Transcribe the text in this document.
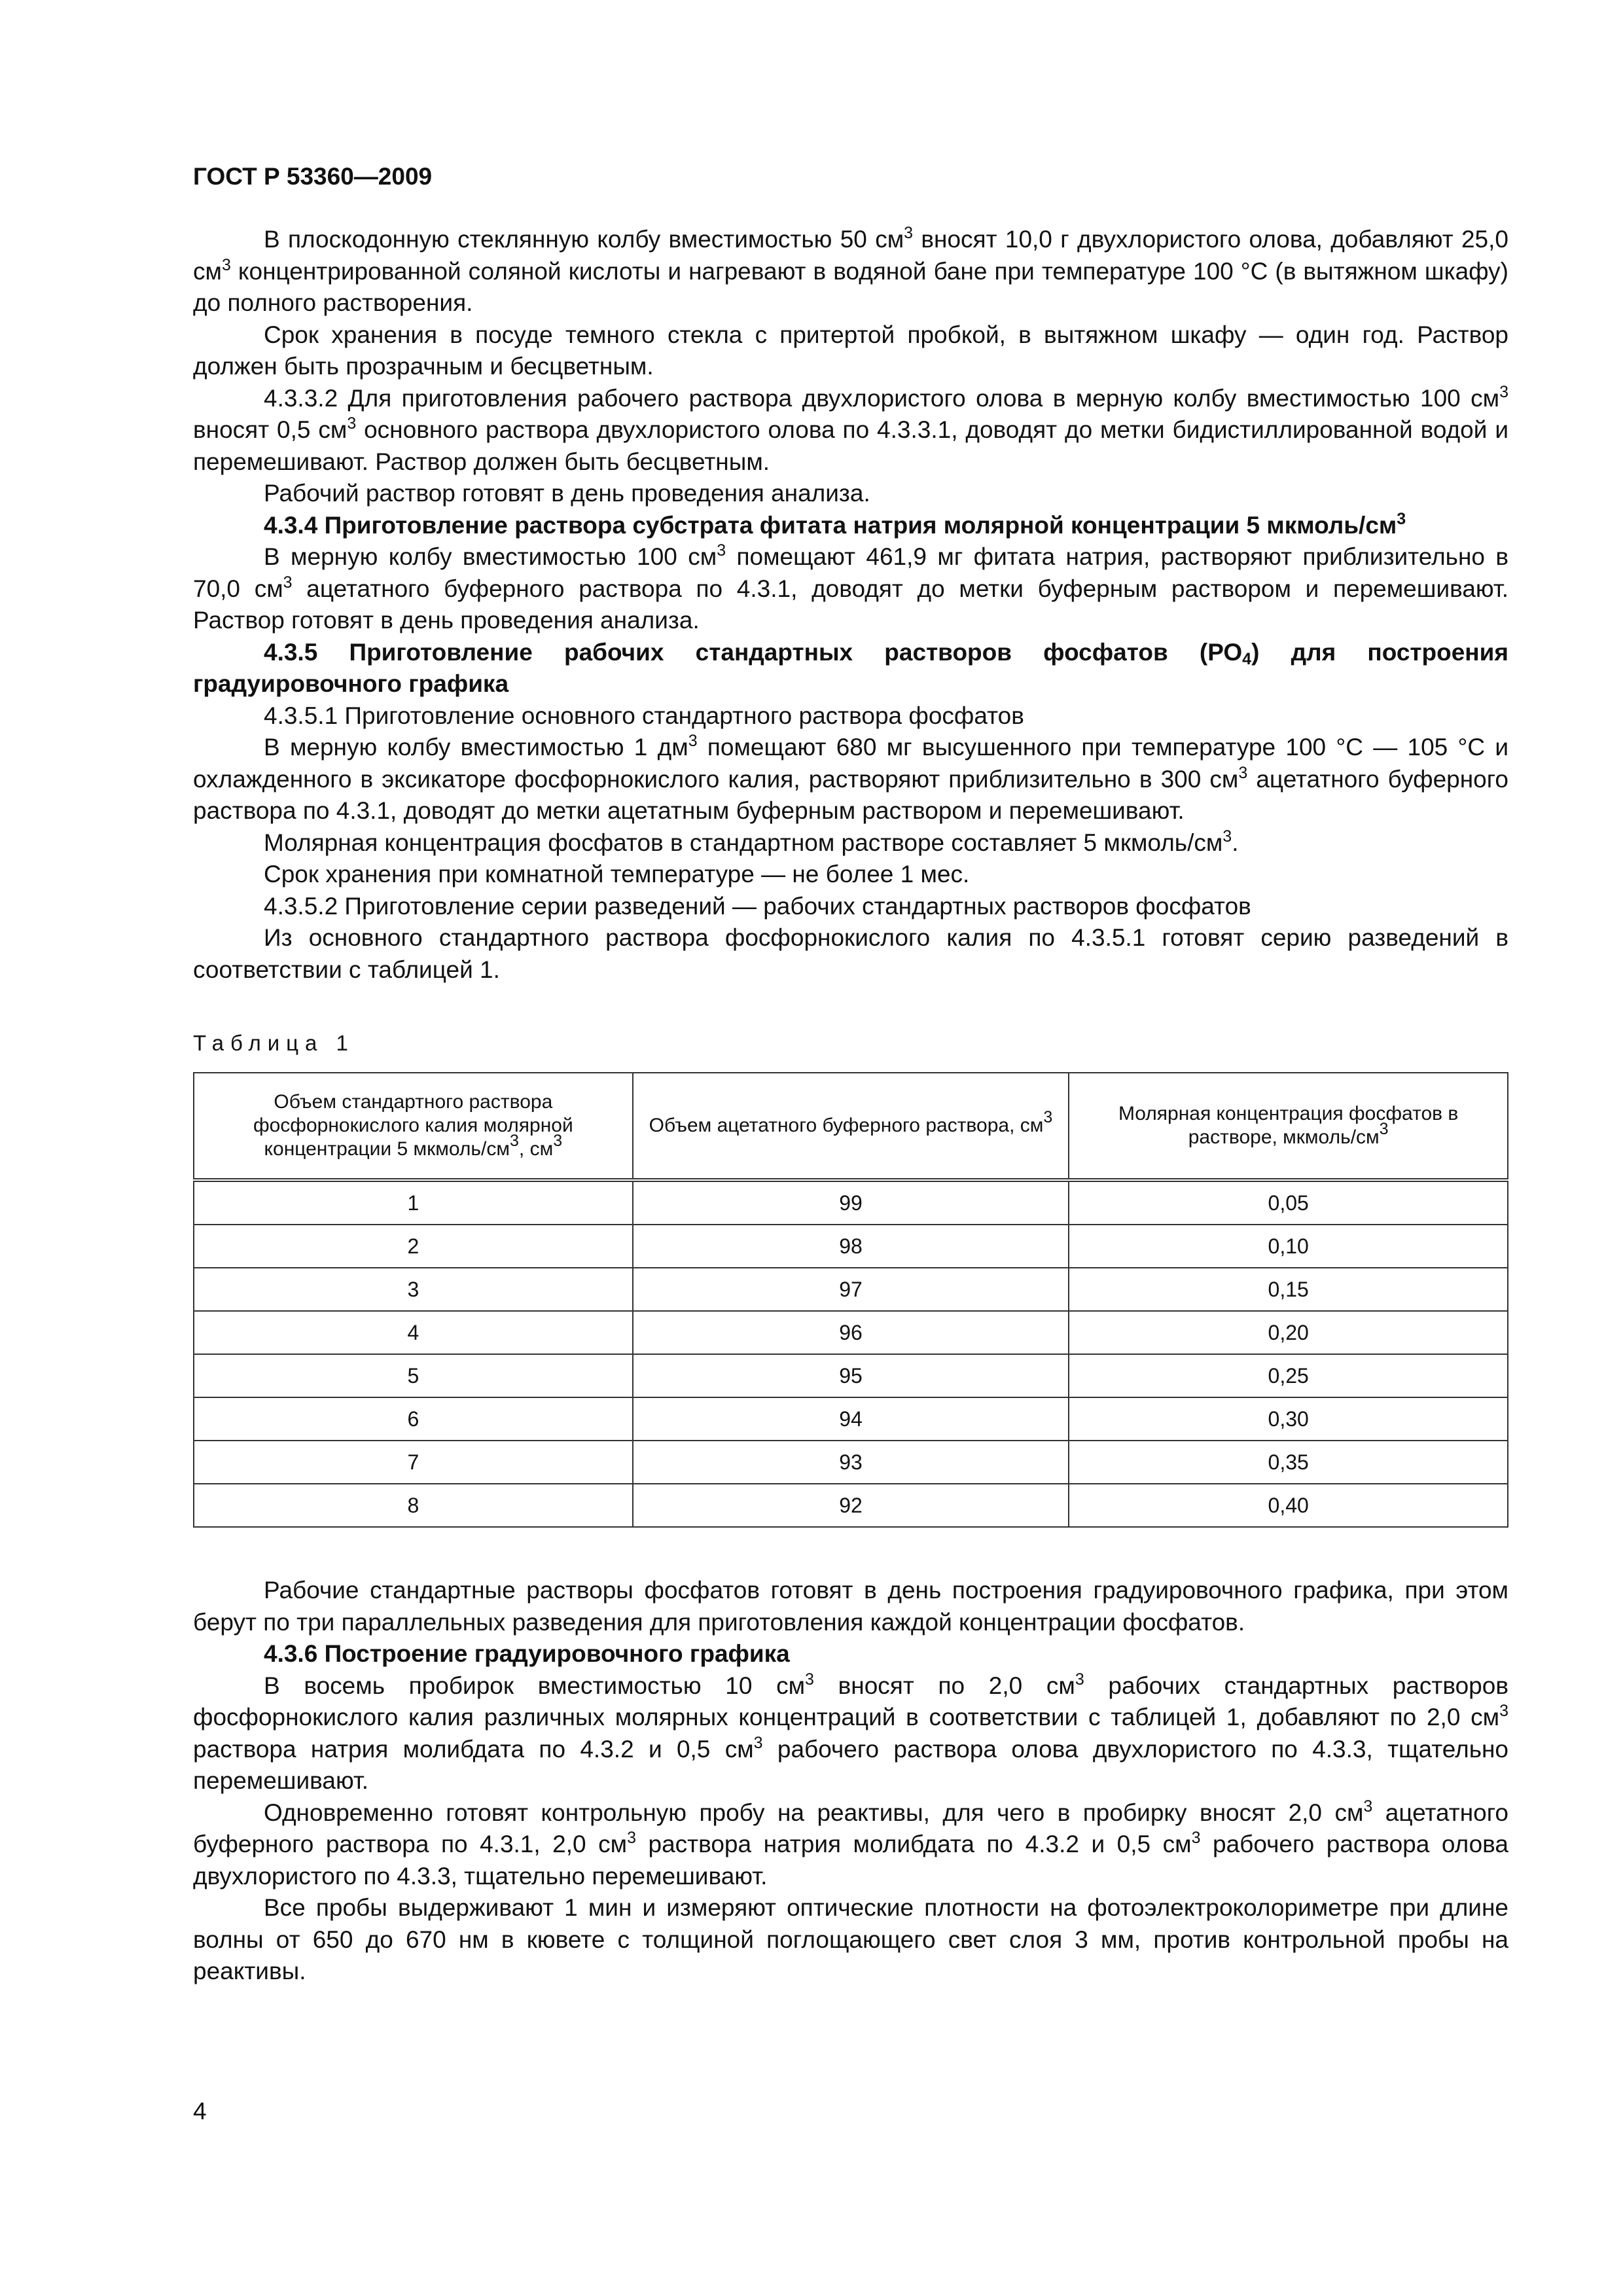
ГОСТ Р 53360—2009

В плоскодонную стеклянную колбу вместимостью 50 $см^3$ вносят 10,0 г двухлористого олова, добавляют 25,0 $см^3$ концентрированной соляной кислоты и нагревают в водяной бане при температуре 100 °С (в вытяжном шкафу) до полного растворения.

Срок хранения в посуде темного стекла с притертой пробкой, в вытяжном шкафу — один год. Раствор должен быть прозрачным и бесцветным.

4.3.3.2 Для приготовления рабочего раствора двухлористого олова в мерную колбу вместимостью 100 $см^3$ вносят 0,5 $см^3$ основного раствора двухлористого олова по 4.3.3.1, доводят до метки бидистиллированной водой и перемешивают. Раствор должен быть бесцветным.

Рабочий раствор готовят в день проведения анализа.

4.3.4 Приготовление раствора субстрата фитата натрия молярной концентрации 5 мкмоль/$см^3$

В мерную колбу вместимостью 100 $см^3$ помещают 461,9 мг фитата натрия, растворяют приблизительно в 70,0 $см^3$ ацетатного буферного раствора по 4.3.1, доводят до метки буферным раствором и перемешивают. Раствор готовят в день проведения анализа.

4.3.5 Приготовление рабочих стандартных растворов фосфатов $(РО_4)$ для построения градуировочного графика

4.3.5.1 Приготовление основного стандартного раствора фосфатов

В мерную колбу вместимостью 1 $дм^3$ помещают 680 мг высушенного при температуре 100 °С — 105 °С и охлажденного в эксикаторе фосфорнокислого калия, растворяют приблизительно в 300 $см^3$ ацетатного буферного раствора по 4.3.1, доводят до метки ацетатным буферным раствором и перемешивают.

Молярная концентрация фосфатов в стандартном растворе составляет 5 мкмоль/$см^3$.

Срок хранения при комнатной температуре — не более 1 мес.

4.3.5.2 Приготовление серии разведений — рабочих стандартных растворов фосфатов

Из основного стандартного раствора фосфорнокислого калия по 4.3.5.1 готовят серию разведений в соответствии с таблицей 1.

Таблица 1
Объем стандартного раствора фосфорнокислого калия молярной концентрации 5 мкмоль/$см^3$, $см^3$	Объем ацетатного буферного раствора, $см^3$	Молярная концентрация фосфатов в растворе, мкмоль/$см^3$
1	99	0,05
2	98	0,10
3	97	0,15
4	96	0,20
5	95	0,25
6	94	0,30
7	93	0,35
8	92	0,40

Рабочие стандартные растворы фосфатов готовят в день построения градуировочного графика, при этом берут по три параллельных разведения для приготовления каждой концентрации фосфатов.

4.3.6 Построение градуировочного графика

В восемь пробирок вместимостью 10 $см^3$ вносят по 2,0 $см^3$ рабочих стандартных растворов фосфорнокислого калия различных молярных концентраций в соответствии с таблицей 1, добавляют по 2,0 $см^3$ раствора натрия молибдата по 4.3.2 и 0,5 $см^3$ рабочего раствора олова двухлористого по 4.3.3, тщательно перемешивают.

Одновременно готовят контрольную пробу на реактивы, для чего в пробирку вносят 2,0 $см^3$ ацетатного буферного раствора по 4.3.1, 2,0 $см^3$ раствора натрия молибдата по 4.3.2 и 0,5 $см^3$ рабочего раствора олова двухлористого по 4.3.3, тщательно перемешивают.

Все пробы выдерживают 1 мин и измеряют оптические плотности на фотоэлектроколориметре при длине волны от 650 до 670 нм в кювете с толщиной поглощающего свет слоя 3 мм, против контрольной пробы на реактивы.

4
